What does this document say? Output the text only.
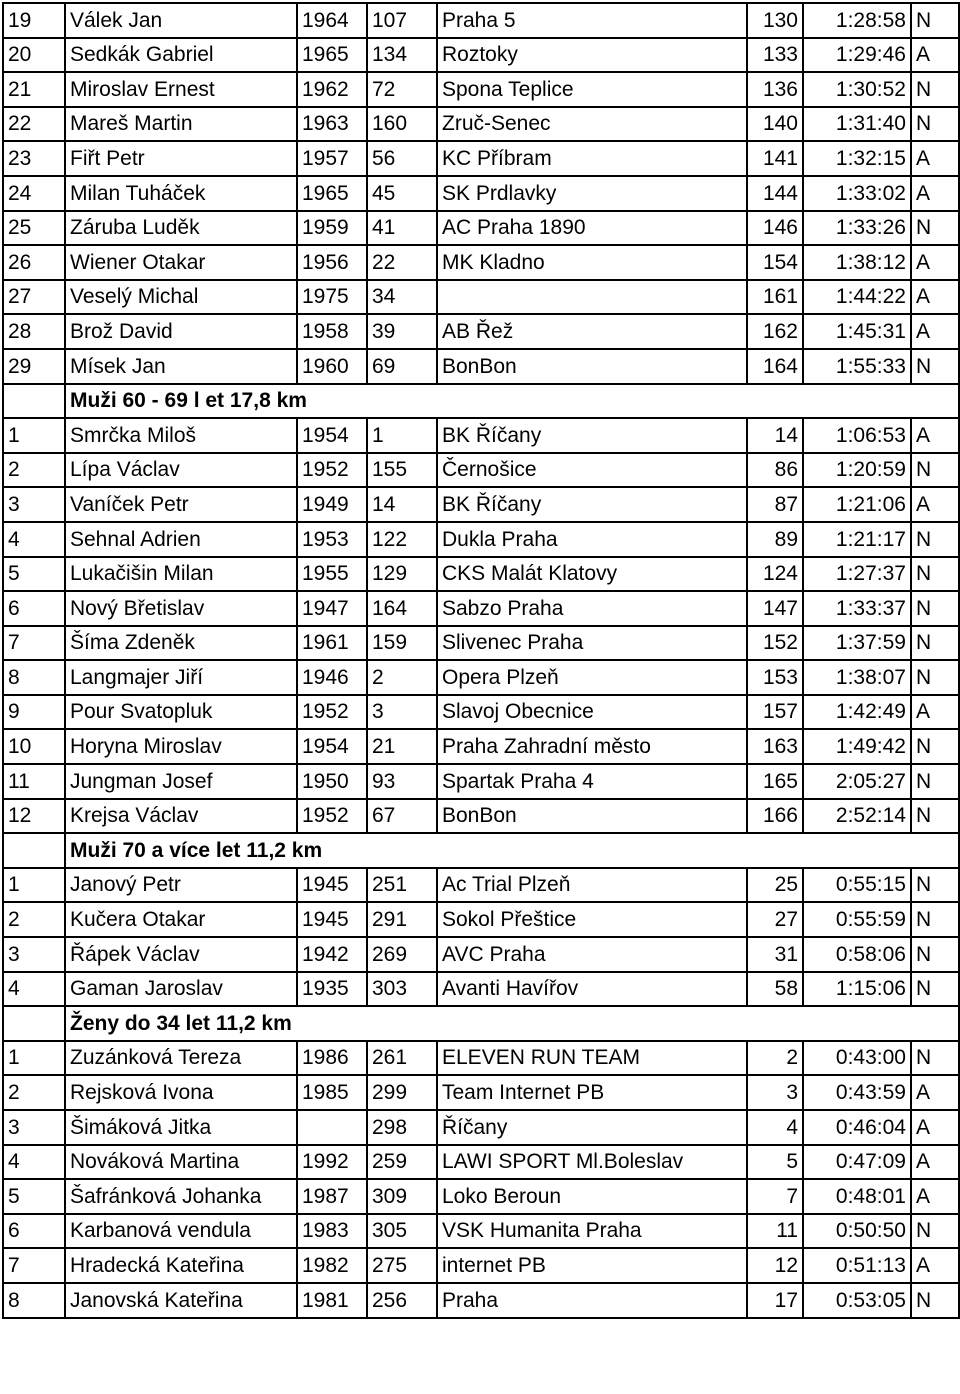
19	Válek Jan	1964	107	Praha 5	130	1:28:58	N
20	Sedkák Gabriel	1965	134	Roztoky	133	1:29:46	A
21	Miroslav Ernest	1962	72	Spona Teplice	136	1:30:52	N
22	Mareš Martin	1963	160	Zruč-Senec	140	1:31:40	N
23	Fiřt Petr	1957	56	KC Příbram	141	1:32:15	A
24	Milan Tuháček	1965	45	SK Prdlavky	144	1:33:02	A
25	Záruba Luděk	1959	41	AC Praha 1890	146	1:33:26	N
26	Wiener Otakar	1956	22	MK Kladno	154	1:38:12	A
27	Veselý Michal	1975	34		161	1:44:22	A
28	Brož David	1958	39	AB Řež	162	1:45:31	A
29	Mísek Jan	1960	69	BonBon	164	1:55:33	N
	Muži 60 - 69 l et 17,8 km						
1	Smrčka Miloš	1954	1	BK Říčany	14	1:06:53	A
2	Lípa Václav	1952	155	Černošice	86	1:20:59	N
3	Vaníček Petr	1949	14	BK Říčany	87	1:21:06	A
4	Sehnal Adrien	1953	122	Dukla Praha	89	1:21:17	N
5	Lukačišin Milan	1955	129	CKS Malát Klatovy	124	1:27:37	N
6	Nový Břetislav	1947	164	Sabzo Praha	147	1:33:37	N
7	Šíma Zdeněk	1961	159	Slivenec Praha	152	1:37:59	N
8	Langmajer Jiří	1946	2	Opera Plzeň	153	1:38:07	N
9	Pour Svatopluk	1952	3	Slavoj Obecnice	157	1:42:49	A
10	Horyna Miroslav	1954	21	Praha Zahradní město	163	1:49:42	N
11	Jungman Josef	1950	93	Spartak Praha 4	165	2:05:27	N
12	Krejsa Václav	1952	67	BonBon	166	2:52:14	N
	Muži 70 a více let 11,2 km						
1	Janový Petr	1945	251	Ac Trial Plzeň	25	0:55:15	N
2	Kučera Otakar	1945	291	Sokol Přeštice	27	0:55:59	N
3	Řápek Václav	1942	269	AVC Praha	31	0:58:06	N
4	Gaman Jaroslav	1935	303	Avanti Havířov	58	1:15:06	N
	Ženy do 34 let 11,2 km						
1	Zuzánková Tereza	1986	261	ELEVEN RUN TEAM	2	0:43:00	N
2	Rejsková Ivona	1985	299	Team Internet PB	3	0:43:59	A
3	Šimáková Jitka		298	Říčany	4	0:46:04	A
4	Nováková Martina	1992	259	LAWI SPORT Ml.Boleslav	5	0:47:09	A
5	Šafránková Johanka	1987	309	Loko Beroun	7	0:48:01	A
6	Karbanová vendula	1983	305	VSK Humanita Praha	11	0:50:50	N
7	Hradecká Kateřina	1982	275	internet PB	12	0:51:13	A
8	Janovská Kateřina	1981	256	Praha	17	0:53:05	N
